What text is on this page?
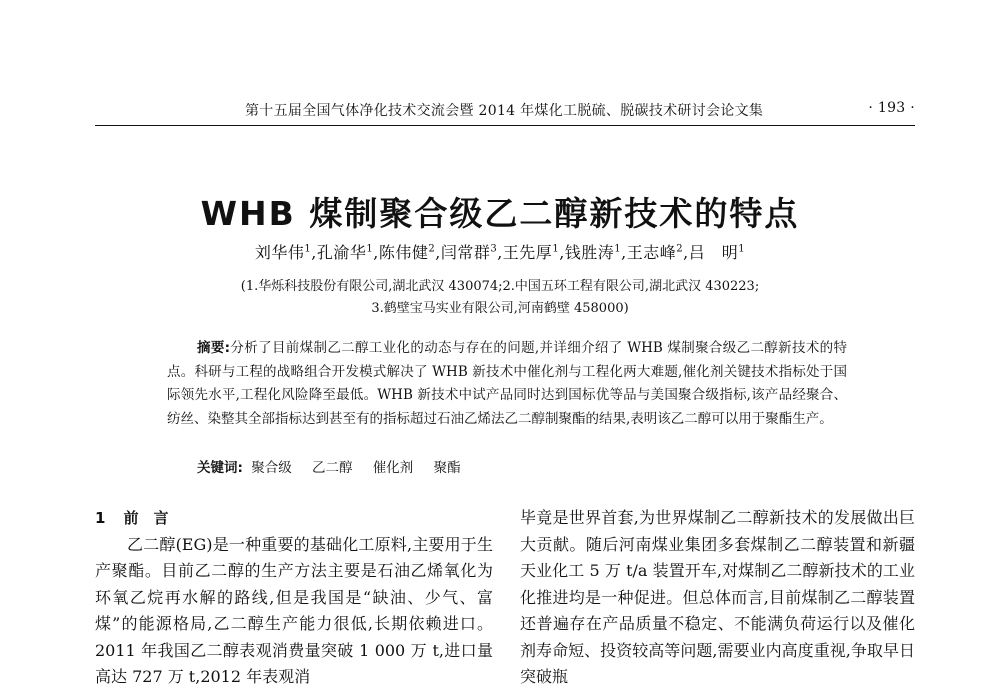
第十五届全国气体净化技术交流会暨 2014 年煤化工脱硫、脱碳技术研讨会论文集	· 193 ·
WHB 煤制聚合级乙二醇新技术的特点
刘华伟$^1$,孔渝华$^1$,陈伟健$^2$,闫常群$^3$,王先厚$^1$,钱胜涛$^1$,王志峰$^2$,吕　明$^1$
(1.华烁科技股份有限公司,湖北武汉 430074;2.中国五环工程有限公司,湖北武汉 430223;
3.鹤壁宝马实业有限公司,河南鹤壁 458000)
摘要:分析了目前煤制乙二醇工业化的动态与存在的问题,并详细介绍了 WHB 煤制聚合级乙二醇新技术的特点。科研与工程的战略组合开发模式解决了 WHB 新技术中催化剂与工程化两大难题,催化剂关键技术指标处于国际领先水平,工程化风险降至最低。WHB 新技术中试产品同时达到国标优等品与美国聚合级指标,该产品经聚合、纺丝、染整其全部指标达到甚至有的指标超过石油乙烯法乙二醇制聚酯的结果,表明该乙二醇可以用于聚酯生产。
关键词: 聚合级 乙二醇 催化剂 聚酯
1 前　言

乙二醇(EG)是一种重要的基础化工原料,主要用于生产聚酯。目前乙二醇的生产方法主要是石油乙烯氧化为环氧乙烷再水解的路线,但是我国是“缺油、少气、富煤”的能源格局,乙二醇生产能力很低,长期依赖进口。2011 年我国乙二醇表观消费量突破 1 000 万 t,进口量高达 727 万 t,2012 年表观消

毕竟是世界首套,为世界煤制乙二醇新技术的发展做出巨大贡献。随后河南煤业集团多套煤制乙二醇装置和新疆天业化工 5 万 t/a 装置开车,对煤制乙二醇新技术的工业化推进均是一种促进。但总体而言,目前煤制乙二醇装置还普遍存在产品质量不稳定、不能满负荷运行以及催化剂寿命短、投资较高等问题,需要业内高度重视,争取早日突破瓶
